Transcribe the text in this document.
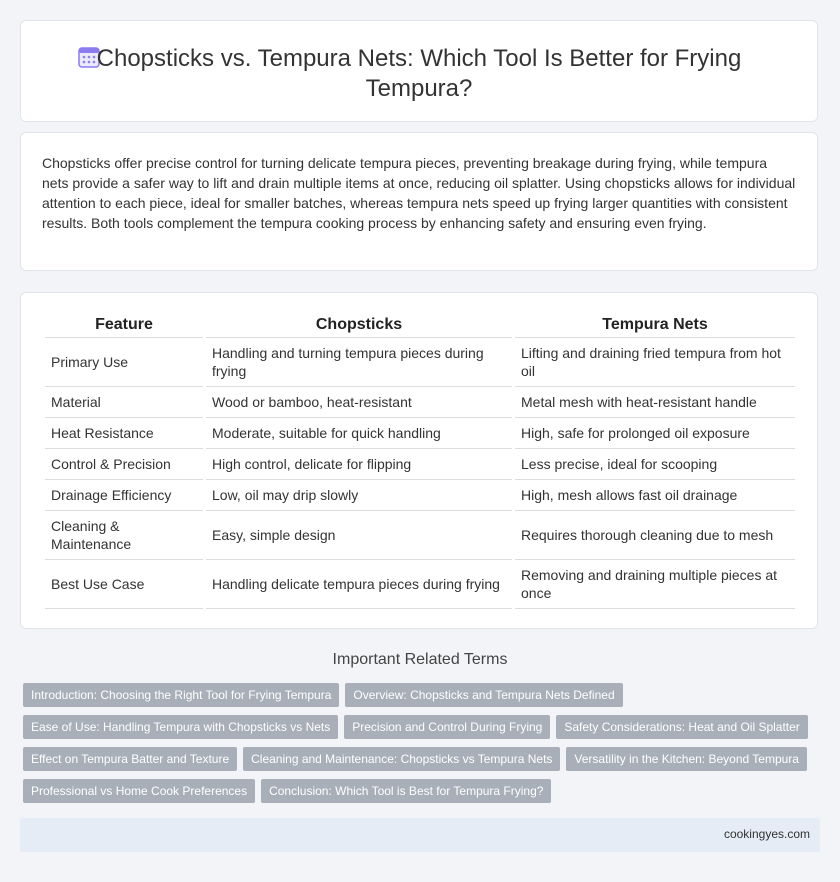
Chopsticks vs. Tempura Nets: Which Tool Is Better for Frying Tempura?
Chopsticks offer precise control for turning delicate tempura pieces, preventing breakage during frying, while tempura nets provide a safer way to lift and drain multiple items at once, reducing oil splatter. Using chopsticks allows for individual attention to each piece, ideal for smaller batches, whereas tempura nets speed up frying larger quantities with consistent results. Both tools complement the tempura cooking process by enhancing safety and ensuring even frying.
Feature	Chopsticks	Tempura Nets
Primary Use	Handling and turning tempura pieces during frying	Lifting and draining fried tempura from hot oil
Material	Wood or bamboo, heat-resistant	Metal mesh with heat-resistant handle
Heat Resistance	Moderate, suitable for quick handling	High, safe for prolonged oil exposure
Control & Precision	High control, delicate for flipping	Less precise, ideal for scooping
Drainage Efficiency	Low, oil may drip slowly	High, mesh allows fast oil drainage
Cleaning & Maintenance	Easy, simple design	Requires thorough cleaning due to mesh
Best Use Case	Handling delicate tempura pieces during frying	Removing and draining multiple pieces at once
Important Related Terms
Introduction: Choosing the Right Tool for Frying Tempura	Overview: Chopsticks and Tempura Nets Defined
Ease of Use: Handling Tempura with Chopsticks vs Nets	Precision and Control During Frying	Safety Considerations: Heat and Oil Splatter
Effect on Tempura Batter and Texture	Cleaning and Maintenance: Chopsticks vs Tempura Nets	Versatility in the Kitchen: Beyond Tempura
Professional vs Home Cook Preferences	Conclusion: Which Tool is Best for Tempura Frying?
cookingyes.com
